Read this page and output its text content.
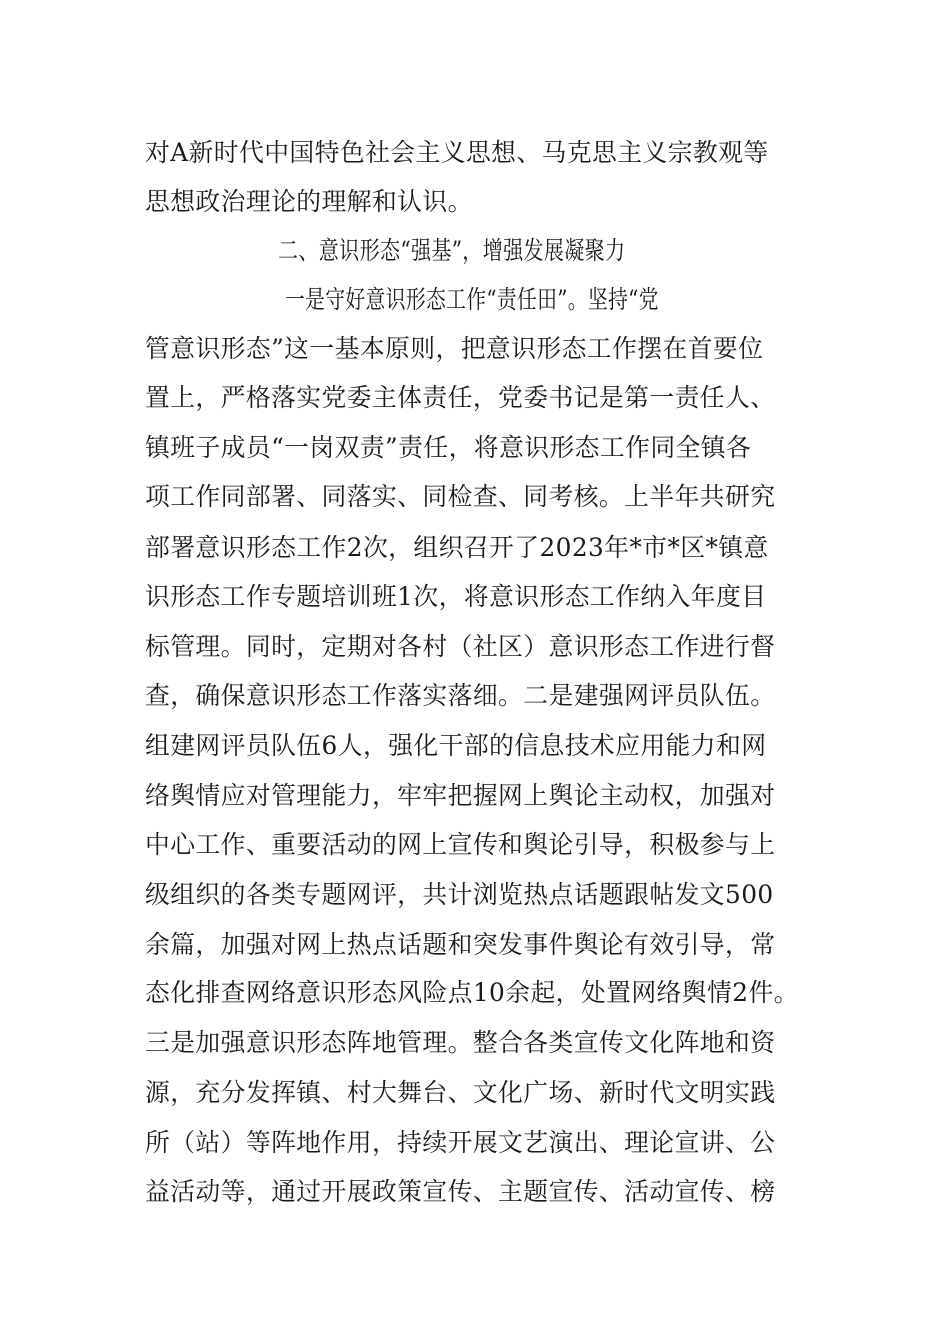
对A新时代中国特色社会主义思想、马克思主义宗教观等
思想政治理论的理解和认识。
二、意识形态“强基”，增强发展凝聚力
一是守好意识形态工作“责任田”。坚持“党
管意识形态”这一基本原则，把意识形态工作摆在首要位
置上，严格落实党委主体责任，党委书记是第一责任人、
镇班子成员“一岗双责”责任，将意识形态工作同全镇各
项工作同部署、同落实、同检查、同考核。上半年共研究
部署意识形态工作2次，组织召开了2023年*市*区*镇意
识形态工作专题培训班1次，将意识形态工作纳入年度目
标管理。同时，定期对各村（社区）意识形态工作进行督
查，确保意识形态工作落实落细。二是建强网评员队伍。
组建网评员队伍6人，强化干部的信息技术应用能力和网
络舆情应对管理能力，牢牢把握网上舆论主动权，加强对
中心工作、重要活动的网上宣传和舆论引导，积极参与上
级组织的各类专题网评，共计浏览热点话题跟帖发文500
余篇，加强对网上热点话题和突发事件舆论有效引导，常
态化排查网络意识形态风险点10余起，处置网络舆情2件。
三是加强意识形态阵地管理。整合各类宣传文化阵地和资
源，充分发挥镇、村大舞台、文化广场、新时代文明实践
所（站）等阵地作用，持续开展文艺演出、理论宣讲、公
益活动等，通过开展政策宣传、主题宣传、活动宣传、榜
